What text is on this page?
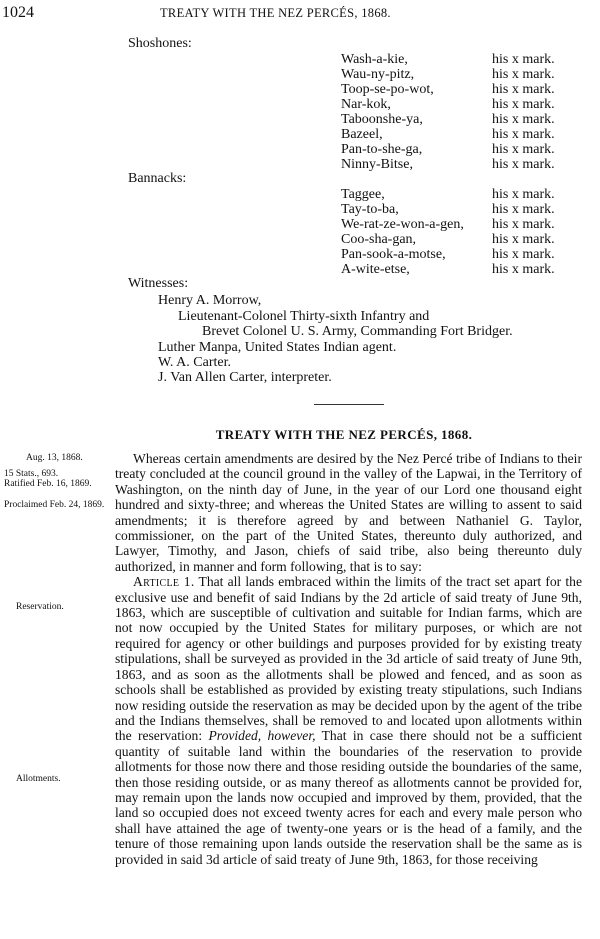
1024	TREATY WITH THE NEZ PERCÉS, 1868.
Shoshones:
Wash-a-kie,	his x mark.
Wau-ny-pitz,	his x mark.
Toop-se-po-wot,	his x mark.
Nar-kok,	his x mark.
Taboonshe-ya,	his x mark.
Bazeel,	his x mark.
Pan-to-she-ga,	his x mark.
Ninny-Bitse,	his x mark.
Bannacks:
Taggee,	his x mark.
Tay-to-ba,	his x mark.
We-rat-ze-won-a-gen, his x mark.
Coo-sha-gan,	his x mark.
Pan-sook-a-motse,	his x mark.
A-wite-etse,	his x mark.
Witnesses:
Henry A. Morrow,
Lieutenant-Colonel Thirty-sixth Infantry and
Brevet Colonel U. S. Army, Commanding Fort Bridger.
Luther Manpa, United States Indian agent.
W. A. Carter.
J. Van Allen Carter, interpreter.
TREATY WITH THE NEZ PERCÉS, 1868.
Aug. 13, 1868.
15 Stats., 693.
Ratified Feb. 16, 1869.
Proclaimed Feb. 24, 1869.
Reservation.
Allotments.

Whereas certain amendments are desired by the Nez Percé tribe of Indians to their treaty concluded at the council ground in the valley of the Lapwai, in the Territory of Washington, on the ninth day of June, in the year of our Lord one thousand eight hundred and sixty-three; and whereas the United States are willing to assent to said amendments; it is therefore agreed by and between Nathaniel G. Taylor, commissioner, on the part of the United States, thereunto duly authorized, and Lawyer, Timothy, and Jason, chiefs of said tribe, also being thereunto duly authorized, in manner and form following, that is to say:

Article 1. That all lands embraced within the limits of the tract set apart for the exclusive use and benefit of said Indians by the 2d article of said treaty of June 9th, 1863, which are susceptible of cultivation and suitable for Indian farms, which are not now occupied by the United States for military purposes, or which are not required for agency or other buildings and purposes provided for by existing treaty stipulations, shall be surveyed as provided in the 3d article of said treaty of June 9th, 1863, and as soon as the allotments shall be plowed and fenced, and as soon as schools shall be established as provided by existing treaty stipulations, such Indians now residing outside the reservation as may be decided upon by the agent of the tribe and the Indians themselves, shall be removed to and located upon allotments within the reservation: Provided, however, That in case there should not be a sufficient quantity of suitable land within the boundaries of the reservation to provide allotments for those now there and those residing outside the boundaries of the same, then those residing outside, or as many thereof as allotments cannot be provided for, may remain upon the lands now occupied and improved by them, provided, that the land so occupied does not exceed twenty acres for each and every male person who shall have attained the age of twenty-one years or is the head of a family, and the tenure of those remaining upon lands outside the reservation shall be the same as is provided in said 3d article of said treaty of June 9th, 1863, for those receiving
